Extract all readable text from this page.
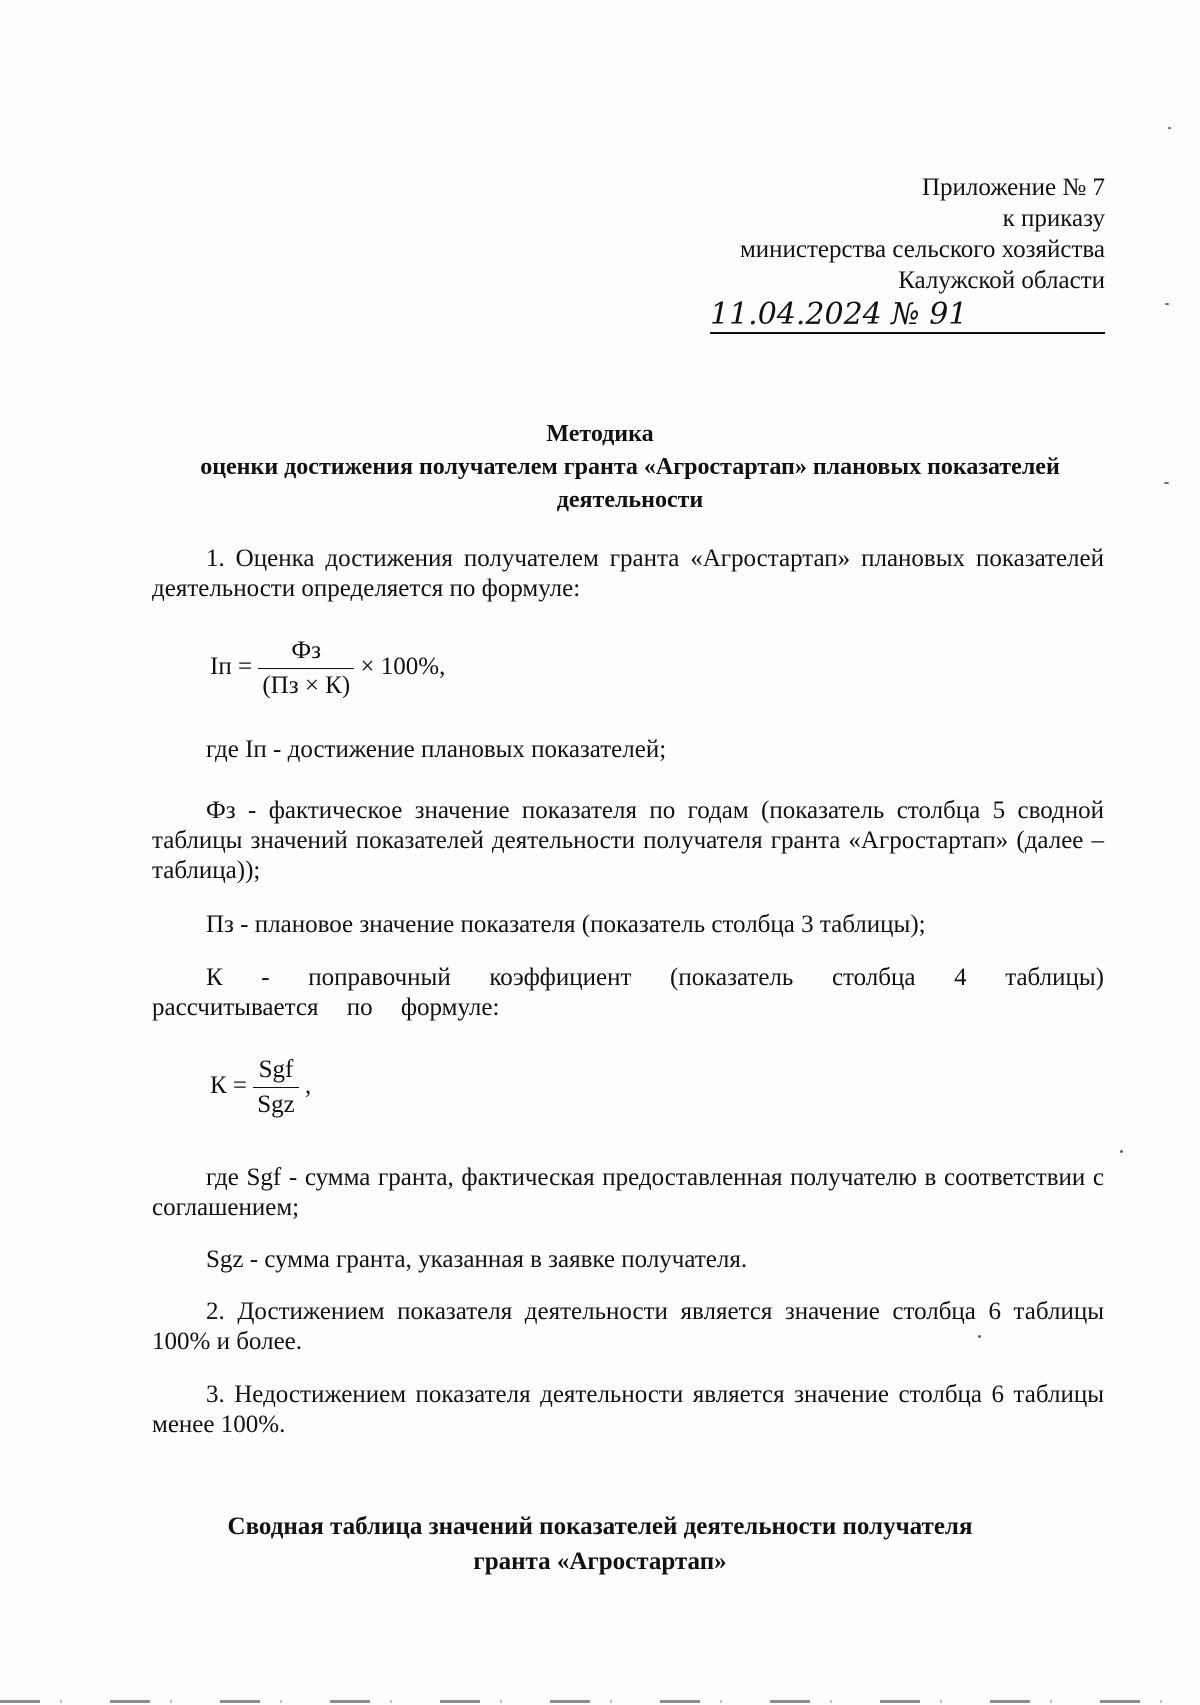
Приложение № 7
к приказу
министерства сельского хозяйства
Калужской области
11.04.2024 № 91
Методика
оценки достижения получателем гранта «Агростартап» плановых показателей деятельности
1. Оценка достижения получателем гранта «Агростартап» плановых показателей деятельности определяется по формуле:
Iп = $\frac{Фз}{(Пз \times К)} \times 100\%$,
где Iп - достижение плановых показателей;
Фз - фактическое значение показателя по годам (показатель столбца 5 сводной таблицы значений показателей деятельности получателя гранта «Агростартап» (далее –таблица));
Пз - плановое значение показателя (показатель столбца 3 таблицы);
К - поправочный коэффициент (показатель столбца 4 таблицы) рассчитывается по формуле:
$К = \frac{\text{Sgf}}{\text{Sgz}}$ ,
где Sgf - сумма гранта, фактическая предоставленная получателю в соответствии с соглашением;
Sgz - сумма гранта, указанная в заявке получателя.
2. Достижением показателя деятельности является значение столбца 6 таблицы 100% и более.
3. Недостижением показателя деятельности является значение столбца 6 таблицы менее 100%.
Сводная таблица значений показателей деятельности получателя
гранта «Агростартап»
